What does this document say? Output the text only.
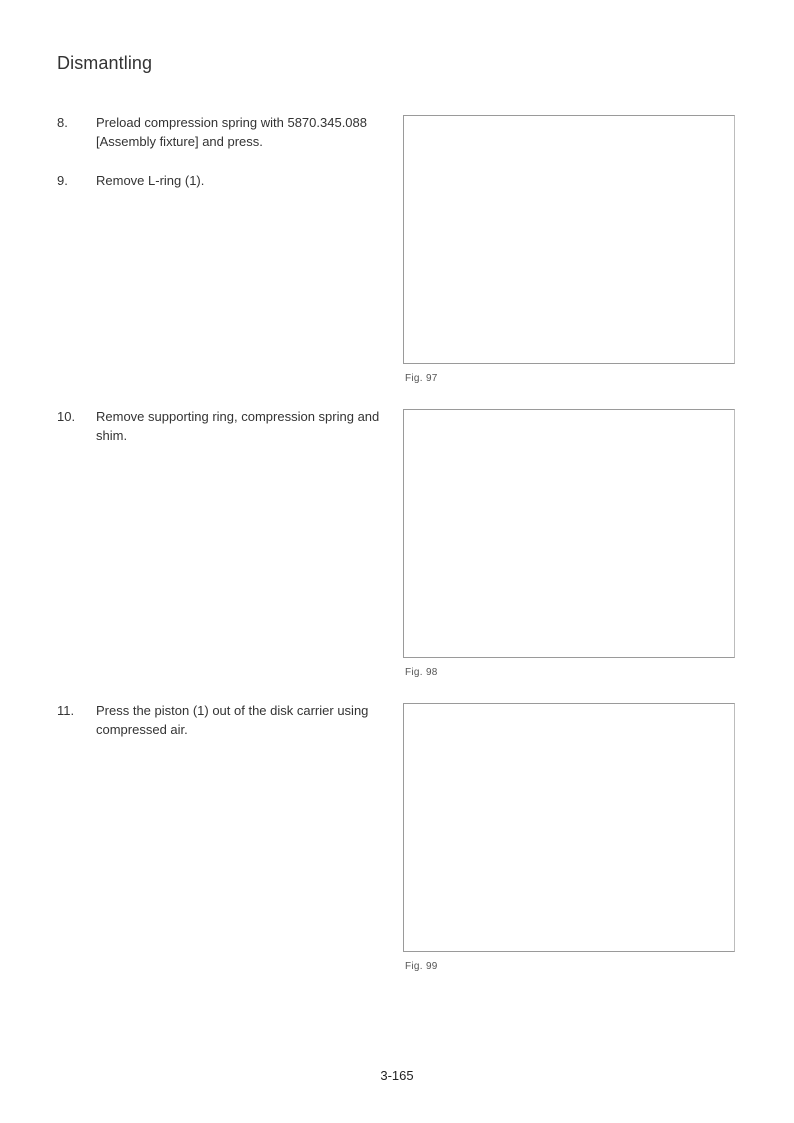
Dismantling
8. Preload compression spring with 5870.345.088 [Assembly fixture] and press.
9. Remove L-ring (1).
Fig. 97
10. Remove supporting ring, compression spring and shim.
Fig. 98
11. Press the piston (1) out of the disk carrier using compressed air.
Fig. 99
3-165
